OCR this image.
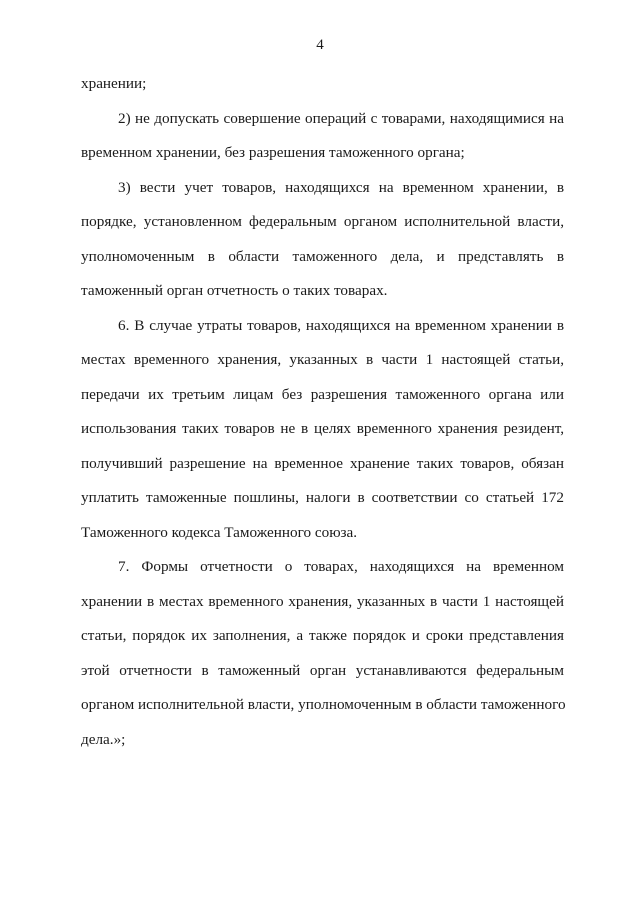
4
хранении;
2) не допускать совершение операций с товарами, находящимися на
временном хранении, без разрешения таможенного органа;
3) вести учет товаров, находящихся на временном хранении, в
порядке, установленном федеральным органом исполнительной власти,
уполномоченным в области таможенного дела, и представлять в
таможенный орган отчетность о таких товарах.
6. В случае утраты товаров, находящихся на временном хранении в
местах временного хранения, указанных в части 1 настоящей статьи,
передачи их третьим лицам без разрешения таможенного органа или
использования таких товаров не в целях временного хранения резидент,
получивший разрешение на временное хранение таких товаров, обязан
уплатить таможенные пошлины, налоги в соответствии со статьей 172
Таможенного кодекса Таможенного союза.
7. Формы отчетности о товарах, находящихся на временном
хранении в местах временного хранения, указанных в части 1 настоящей
статьи, порядок их заполнения, а также порядок и сроки представления
этой отчетности в таможенный орган устанавливаются федеральным
органом исполнительной власти, уполномоченным в области таможенного
дела.»;
